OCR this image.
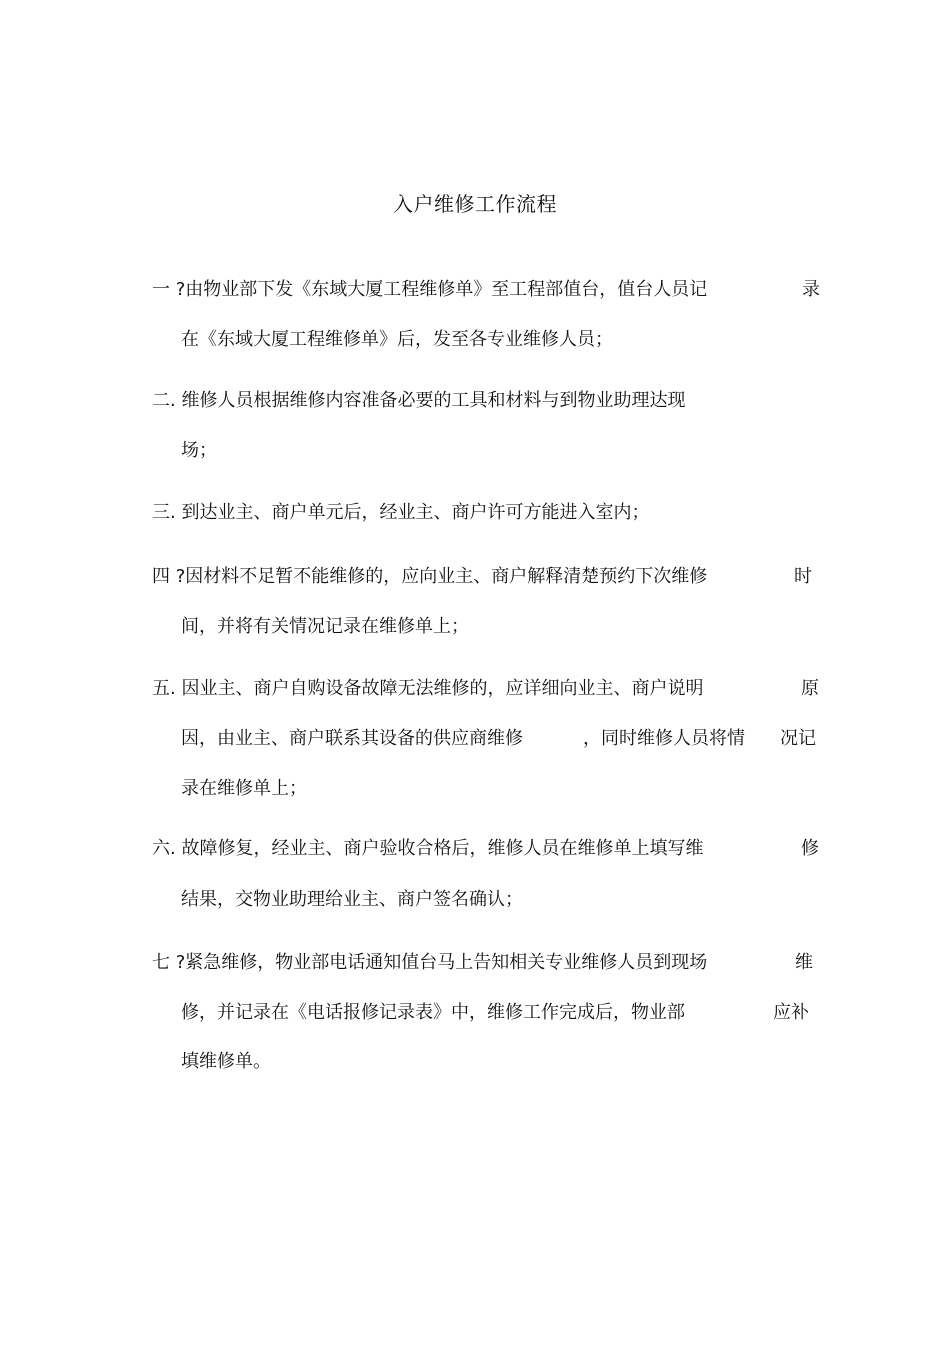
入户维修工作流程
一 ?由物业部下发《东域大厦工程维修单》至工程部值台，值台人员记	录
在《东域大厦工程维修单》后，发至各专业维修人员；
二. 维修人员根据维修内容准备必要的工具和材料与到物业助理达现
场；
三. 到达业主、商户单元后，经业主、商户许可方能进入室内；
四 ?因材料不足暂不能维修的，应向业主、商户解释清楚预约下次维修	时
间，并将有关情况记录在维修单上；
五. 因业主、商户自购设备故障无法维修的，应详细向业主、商户说明	原
因，由业主、商户联系其设备的供应商维修	，同时维修人员将情 况记
录在维修单上；
六. 故障修复，经业主、商户验收合格后，维修人员在维修单上填写维	修
结果，交物业助理给业主、商户签名确认；
七 ?紧急维修，物业部电话通知值台马上告知相关专业维修人员到现场	维
修，并记录在《电话报修记录表》中，维修工作完成后，物业部	应补
填维修单。
